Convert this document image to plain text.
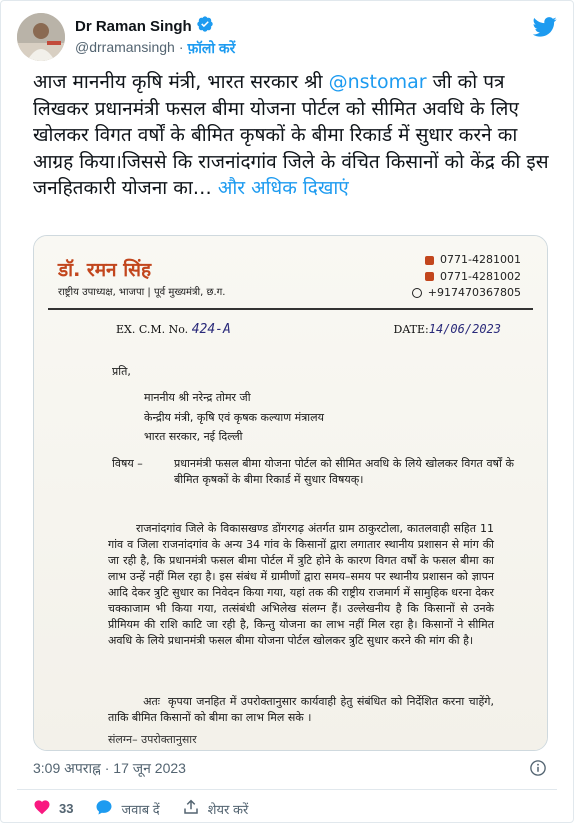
Dr Raman Singh
@drramansingh · फ़ॉलो करें
आज माननीय कृषि मंत्री, भारत सरकार श्री @nstomar जी को पत्र लिखकर प्रधानमंत्री फसल बीमा योजना पोर्टल को सीमित अवधि के लिए खोलकर विगत वर्षों के बीमित कृषकों के बीमा रिकार्ड में सुधार करने का आग्रह किया।जिससे कि राजनांदगांव जिले के वंचित किसानों को केंद्र की इस जनहितकारी योजना का… और अधिक दिखाएं
डॉ. रमन सिंह
राष्ट्रीय उपाध्यक्ष, भाजपा | पूर्व मुख्यमंत्री, छ.ग.
0771-4281001
0771-4281002
+917470367805
EX. C.M. No. 424-A	DATE:14/06/2023
प्रति,
माननीय श्री नरेन्द्र तोमर जी
केन्द्रीय मंत्री, कृषि एवं कृषक कल्याण मंत्रालय
भारत सरकार, नई दिल्ली
विषय –	प्रधानमंत्री फसल बीमा योजना पोर्टल को सीमित अवधि के लिये खोलकर विगत वर्षों के बीमित कृषकों के बीमा रिकार्ड में सुधार विषयक्।

राजनांदगांव जिले के विकासखण्ड डोंगरगढ़ अंतर्गत ग्राम ठाकुरटोला, कातलवाही सहित 11 गांव व जिला राजनांदगांव के अन्य 34 गांव के किसानों द्वारा लगातार स्थानीय प्रशासन से मांग की जा रही है, कि प्रधानमंत्री फसल बीमा पोर्टल में त्रुटि होने के कारण विगत वर्षों के फसल बीमा का लाभ उन्हें नहीं मिल रहा है। इस संबंध में ग्रामीणों द्वारा समय–समय पर स्थानीय प्रशासन को ज्ञापन आदि देकर त्रुटि सुधार का निवेदन किया गया, यहां तक की राष्ट्रीय राजमार्ग में सामुहिक धरना देकर चक्काजाम भी किया गया, तत्संबंधी अभिलेख संलग्न हैं। उल्लेखनीय है कि किसानों से उनके प्रीमियम की राशि काटि जा रही है, किन्तु योजना का लाभ नहीं मिल रहा है। किसानों ने सीमित अवधि के लिये प्रधानमंत्री फसल बीमा योजना पोर्टल खोलकर त्रुटि सुधार करने की मांग की है।

अतः कृपया जनहित में उपरोक्तानुसार कार्यवाही हेतु संबंधित को निर्देशित करना चाहेंगे, ताकि बीमित किसानों को बीमा का लाभ मिल सके ।
संलग्न– उपरोक्तानुसार
3:09 अपराह्न · 17 जून 2023
33	जवाब दें	शेयर करें
